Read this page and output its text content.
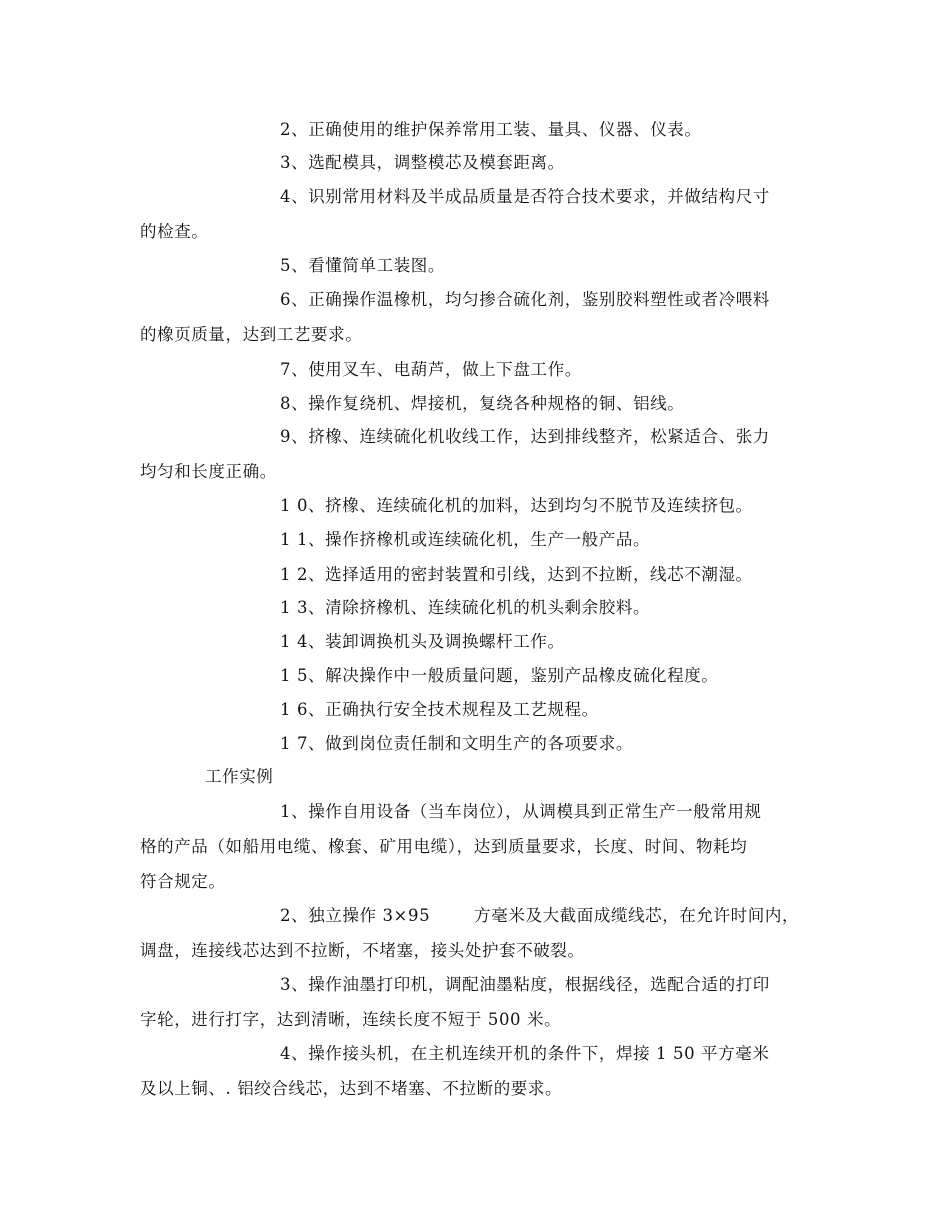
2、正确使用的维护保养常用工装、量具、仪器、仪表。
3、选配模具，调整模芯及模套距离。
4、识别常用材料及半成品质量是否符合技术要求，并做结构尺寸
的检查。
5、看懂简单工装图。
6、正确操作温橡机，均匀掺合硫化剂，鉴别胶料塑性或者冷喂料
的橡页质量，达到工艺要求。
7、使用叉车、电葫芦，做上下盘工作。
8、操作复绕机、焊接机，复绕各种规格的铜、铝线。
9、挤橡、连续硫化机收线工作，达到排线整齐，松紧适合、张力
均匀和长度正确。
1 0、挤橡、连续硫化机的加料，达到均匀不脱节及连续挤包。
1 1、操作挤橡机或连续硫化机，生产一般产品。
1 2、选择适用的密封装置和引线，达到不拉断，线芯不潮湿。
1 3、清除挤橡机、连续硫化机的机头剩余胶料。
1 4、装卸调换机头及调换螺杆工作。
1 5、解决操作中一般质量问题，鉴别产品橡皮硫化程度。
1 6、正确执行安全技术规程及工艺规程。
1 7、做到岗位责任制和文明生产的各项要求。
工作实例
1、操作自用设备（当车岗位），从调模具到正常生产一般常用规
格的产品（如船用电缆、橡套、矿用电缆），达到质量要求，长度、时间、物耗均
符合规定。
2、独立操作 3×95	方毫米及大截面成缆线芯，在允许时间内，
调盘，连接线芯达到不拉断，不堵塞，接头处护套不破裂。
3、操作油墨打印机，调配油墨粘度，根据线径，选配合适的打印
字轮，进行打字，达到清晰，连续长度不短于 500 米。
4、操作接头机，在主机连续开机的条件下，焊接 1 50 平方毫米
及以上铜、. 铝绞合线芯，达到不堵塞、不拉断的要求。
